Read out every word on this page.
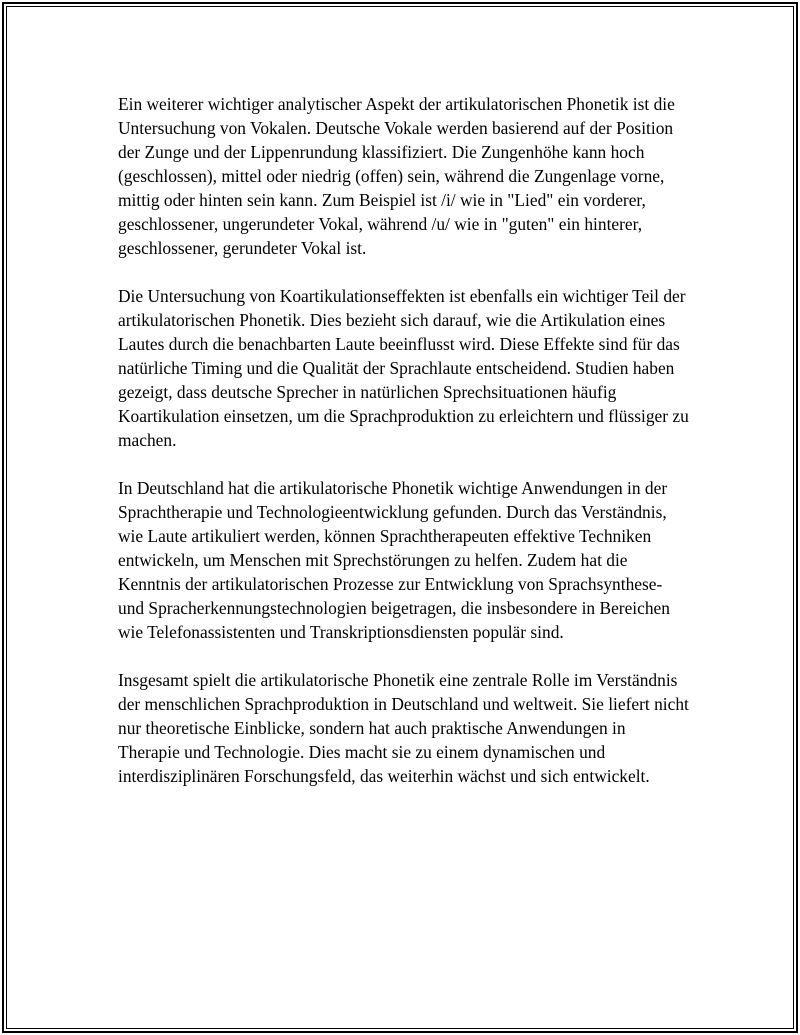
Ein weiterer wichtiger analytischer Aspekt der artikulatorischen Phonetik ist die Untersuchung von Vokalen. Deutsche Vokale werden basierend auf der Position der Zunge und der Lippenrundung klassifiziert. Die Zungenhöhe kann hoch (geschlossen), mittel oder niedrig (offen) sein, während die Zungenlage vorne, mittig oder hinten sein kann. Zum Beispiel ist /i/ wie in "Lied" ein vorderer, geschlossener, ungerundeter Vokal, während /u/ wie in "guten" ein hinterer, geschlossener, gerundeter Vokal ist.

Die Untersuchung von Koartikulationseffekten ist ebenfalls ein wichtiger Teil der artikulatorischen Phonetik. Dies bezieht sich darauf, wie die Artikulation eines Lautes durch die benachbarten Laute beeinflusst wird. Diese Effekte sind für das natürliche Timing und die Qualität der Sprachlaute entscheidend. Studien haben gezeigt, dass deutsche Sprecher in natürlichen Sprechsituationen häufig Koartikulation einsetzen, um die Sprachproduktion zu erleichtern und flüssiger zu machen.

In Deutschland hat die artikulatorische Phonetik wichtige Anwendungen in der Sprachtherapie und Technologieentwicklung gefunden. Durch das Verständnis, wie Laute artikuliert werden, können Sprachtherapeuten effektive Techniken entwickeln, um Menschen mit Sprechstörungen zu helfen. Zudem hat die Kenntnis der artikulatorischen Prozesse zur Entwicklung von Sprachsynthese- und Spracherkennungstechnologien beigetragen, die insbesondere in Bereichen wie Telefonassistenten und Transkriptionsdiensten populär sind.

Insgesamt spielt die artikulatorische Phonetik eine zentrale Rolle im Verständnis der menschlichen Sprachproduktion in Deutschland und weltweit. Sie liefert nicht nur theoretische Einblicke, sondern hat auch praktische Anwendungen in Therapie und Technologie. Dies macht sie zu einem dynamischen und interdisziplinären Forschungsfeld, das weiterhin wächst und sich entwickelt.
